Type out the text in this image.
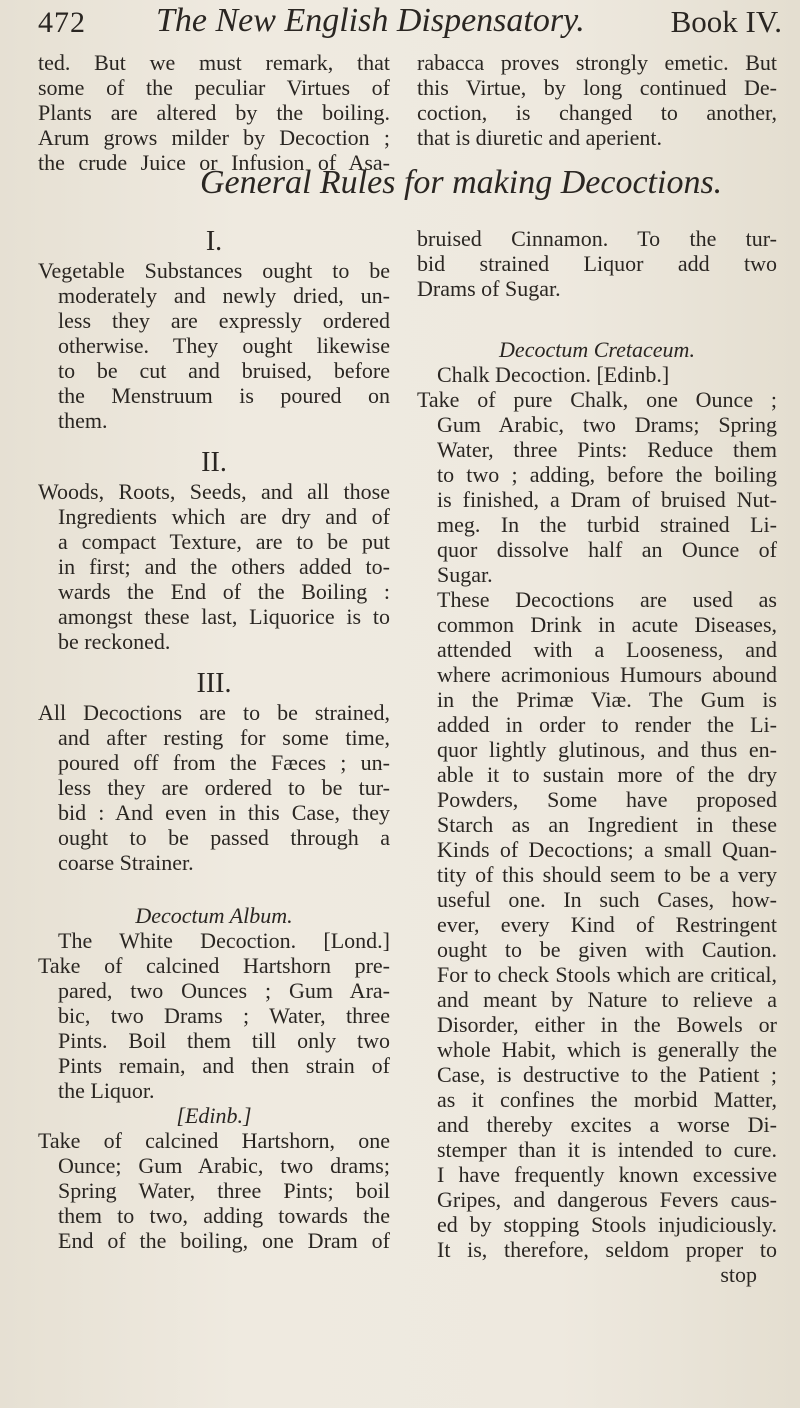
472 The New English Dispensatory.	Book IV.
ted. But we must remark, that
some of the peculiar Virtues of
Plants are altered by the boiling.
Arum grows milder by Decoction ;
the crude Juice or Infusion of Asa-
rabacca proves strongly emetic. But
this Virtue, by long continued De-
coction, is changed to another,
that is diuretic and aperient.
General Rules for making Decoctions.

I.

Vegetable Substances ought to be
moderately and newly dried, un-
less they are expressly ordered
otherwise. They ought likewise
to be cut and bruised, before
the Menstruum is poured on
them.

II.

Woods, Roots, Seeds, and all those
Ingredients which are dry and of
a compact Texture, are to be put
in first; and the others added to-
wards the End of the Boiling :
amongst these last, Liquorice is to
be reckoned.

III.

All Decoctions are to be strained,
and after resting for some time,
poured off from the Fæces ; un-
less they are ordered to be tur-
bid : And even in this Case, they
ought to be passed through a
coarse Strainer.
Decoctum Album.
The White Decoction. [Lond.]
Take of calcined Hartshorn pre-
pared, two Ounces ; Gum Ara-
bic, two Drams ; Water, three
Pints. Boil them till only two
Pints remain, and then strain of
the Liquor.
[Edinb.]
Take of calcined Hartshorn, one
Ounce; Gum Arabic, two drams;
Spring Water, three Pints; boil
them to two, adding towards the
End of the boiling, one Dram of
bruised Cinnamon. To the tur-
bid strained Liquor add two
Drams of Sugar.
Decoctum Cretaceum.
Chalk Decoction. [Edinb.]
Take of pure Chalk, one Ounce ;
Gum Arabic, two Drams; Spring
Water, three Pints: Reduce them
to two ; adding, before the boiling
is finished, a Dram of bruised Nut-
meg. In the turbid strained Li-
quor dissolve half an Ounce of
Sugar.
These Decoctions are used as
common Drink in acute Diseases,
attended with a Looseness, and
where acrimonious Humours abound
in the Primæ Viæ. The Gum is
added in order to render the Li-
quor lightly glutinous, and thus en-
able it to sustain more of the dry
Powders, Some have proposed
Starch as an Ingredient in these
Kinds of Decoctions; a small Quan-
tity of this should seem to be a very
useful one. In such Cases, how-
ever, every Kind of Restringent
ought to be given with Caution.
For to check Stools which are critical,
and meant by Nature to relieve a
Disorder, either in the Bowels or
whole Habit, which is generally the
Case, is destructive to the Patient ;
as it confines the morbid Matter,
and thereby excites a worse Di-
stemper than it is intended to cure.
I have frequently known excessive
Gripes, and dangerous Fevers caus-
ed by stopping Stools injudiciously.
It is, therefore, seldom proper to
stop
